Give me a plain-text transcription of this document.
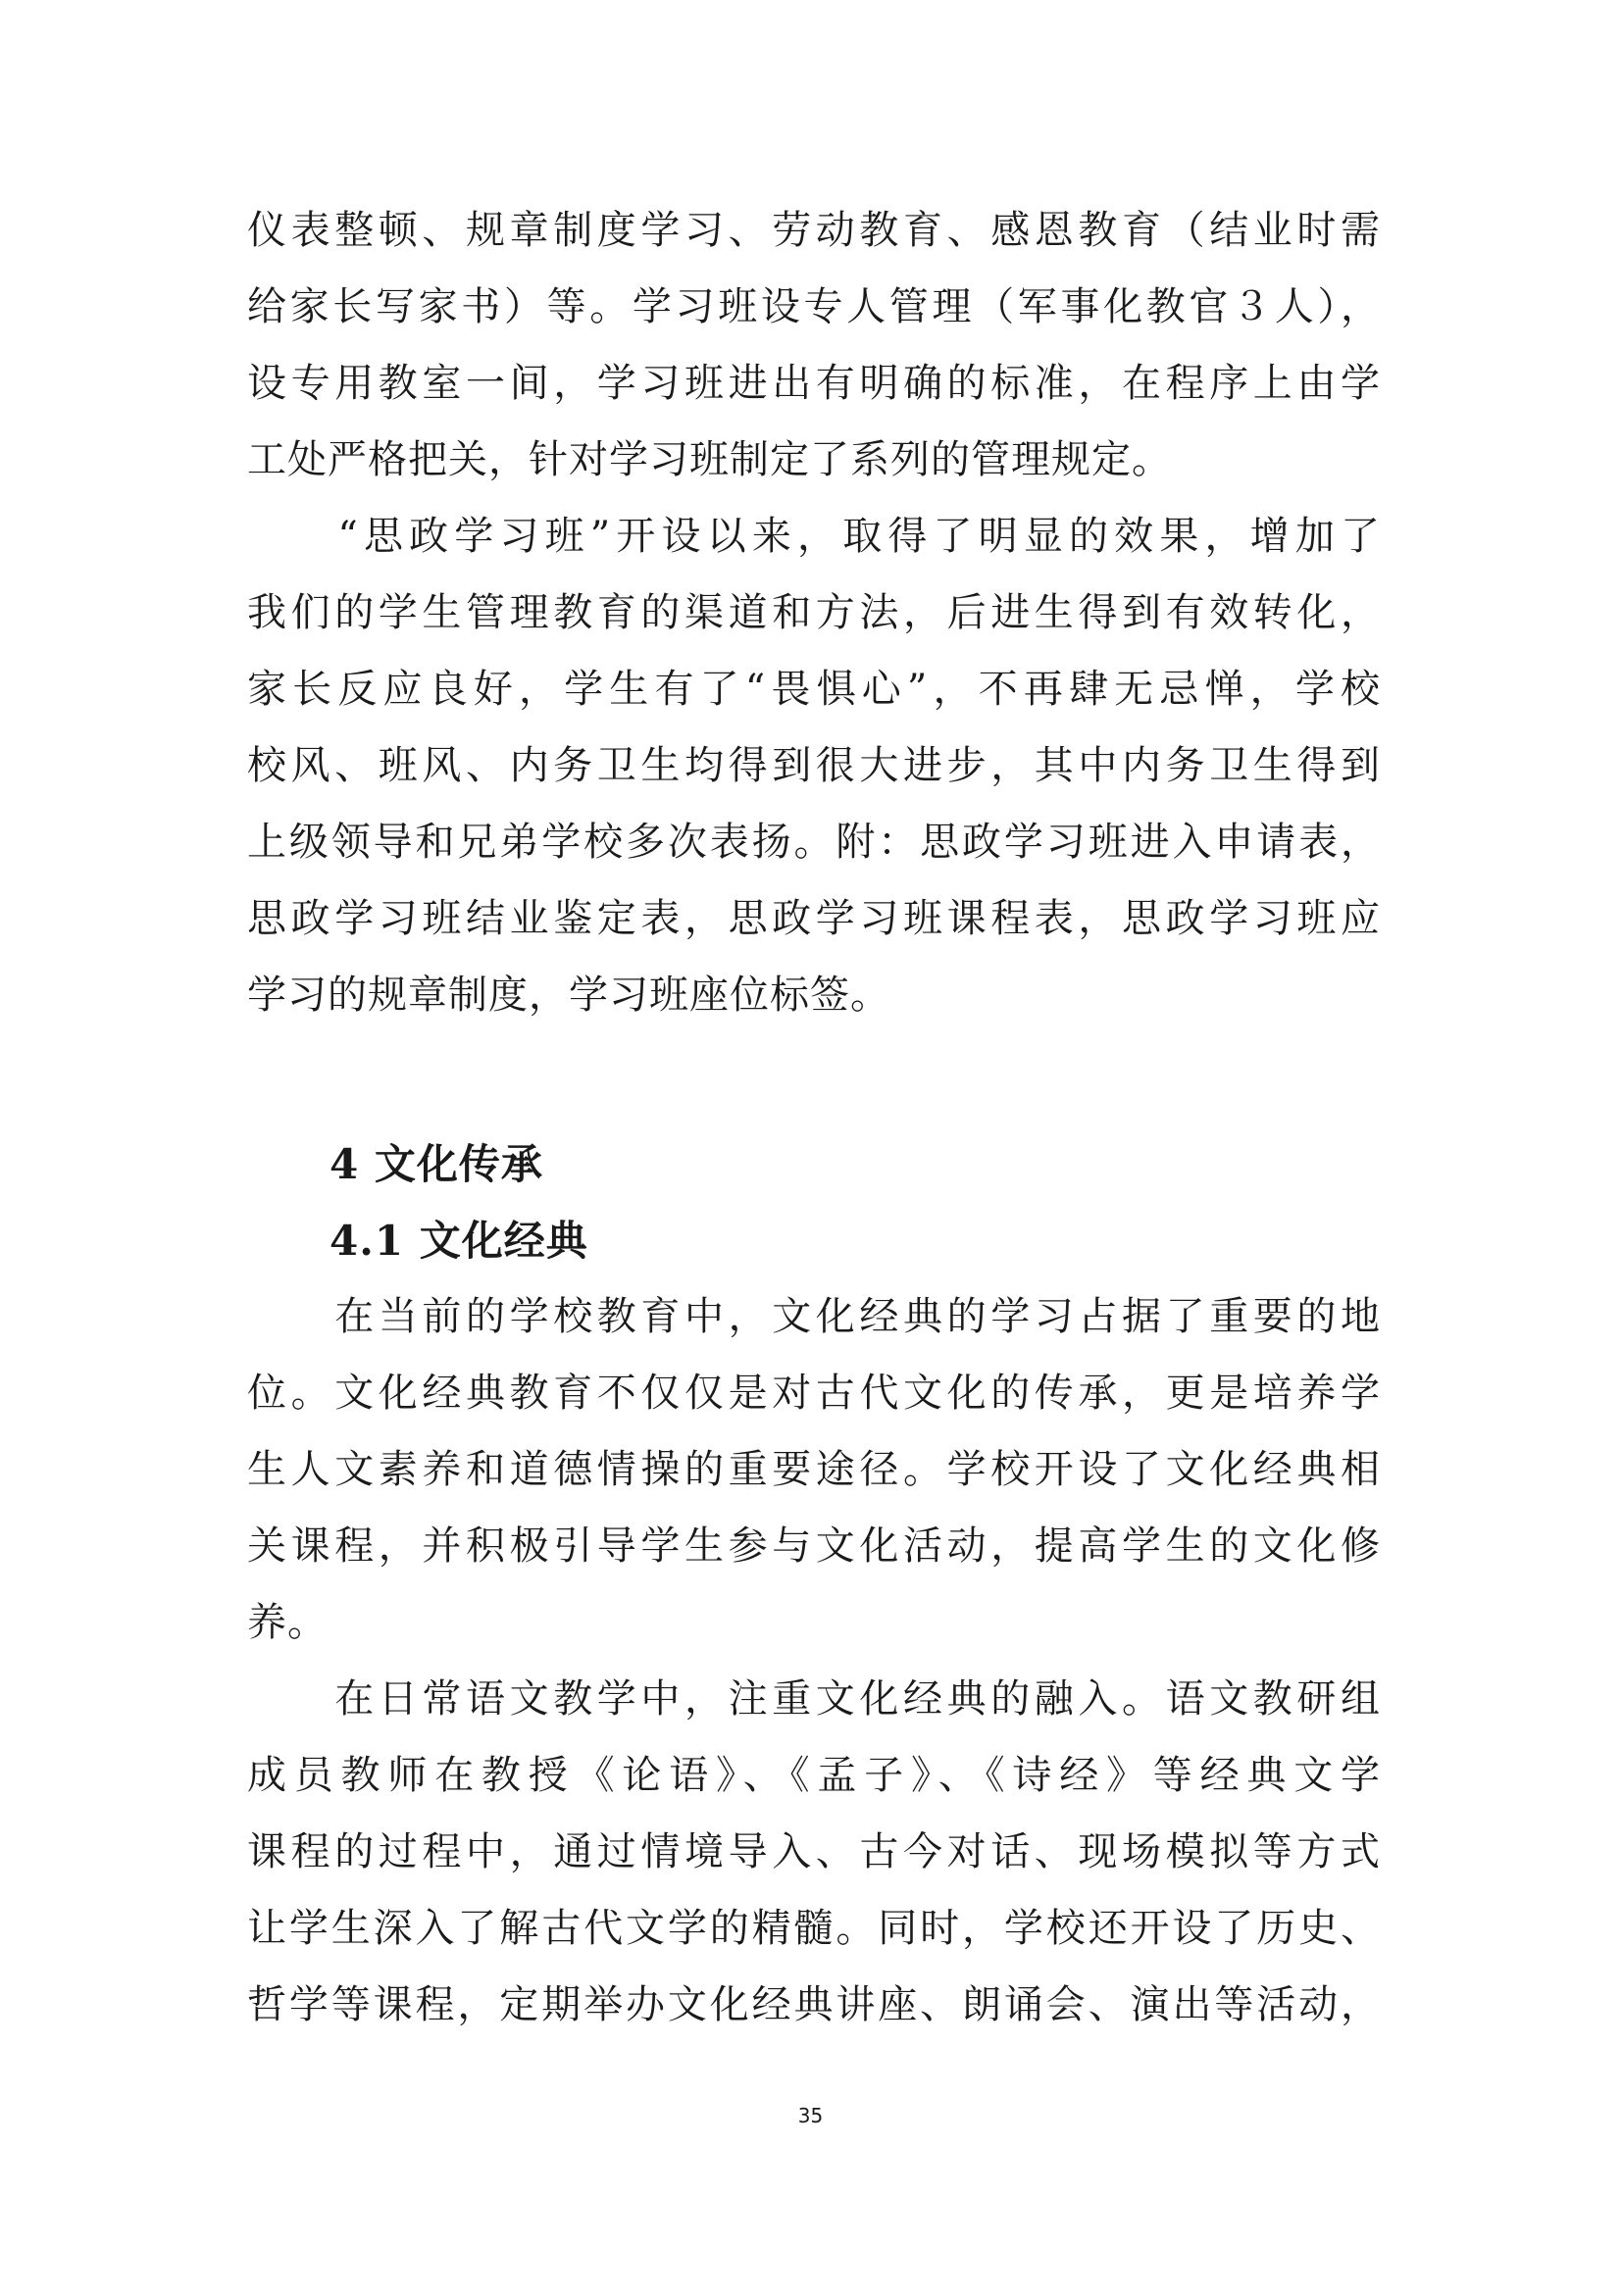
仪表整顿、规章制度学习、劳动教育、感恩教育（结业时需
给家长写家书）等。学习班设专人管理（军事化教官３人），
设专用教室一间，学习班进出有明确的标准，在程序上由学
工处严格把关，针对学习班制定了系列的管理规定。
　　“思政学习班”开设以来，取得了明显的效果，增加了
我们的学生管理教育的渠道和方法，后进生得到有效转化，
家长反应良好，学生有了“畏惧心”，不再肆无忌惮，学校
校风、班风、内务卫生均得到很大进步，其中内务卫生得到
上级领导和兄弟学校多次表扬。附：思政学习班进入申请表，
思政学习班结业鉴定表，思政学习班课程表，思政学习班应
学习的规章制度，学习班座位标签。
4 文化传承
4.1 文化经典
　　在当前的学校教育中，文化经典的学习占据了重要的地
位。文化经典教育不仅仅是对古代文化的传承，更是培养学
生人文素养和道德情操的重要途径。学校开设了文化经典相
关课程，并积极引导学生参与文化活动，提高学生的文化修
养。
　　在日常语文教学中，注重文化经典的融入。语文教研组
成员教师在教授《论语》、《孟子》、《诗经》等经典文学
课程的过程中，通过情境导入、古今对话、现场模拟等方式
让学生深入了解古代文学的精髓。同时，学校还开设了历史、
哲学等课程，定期举办文化经典讲座、朗诵会、演出等活动，
35
